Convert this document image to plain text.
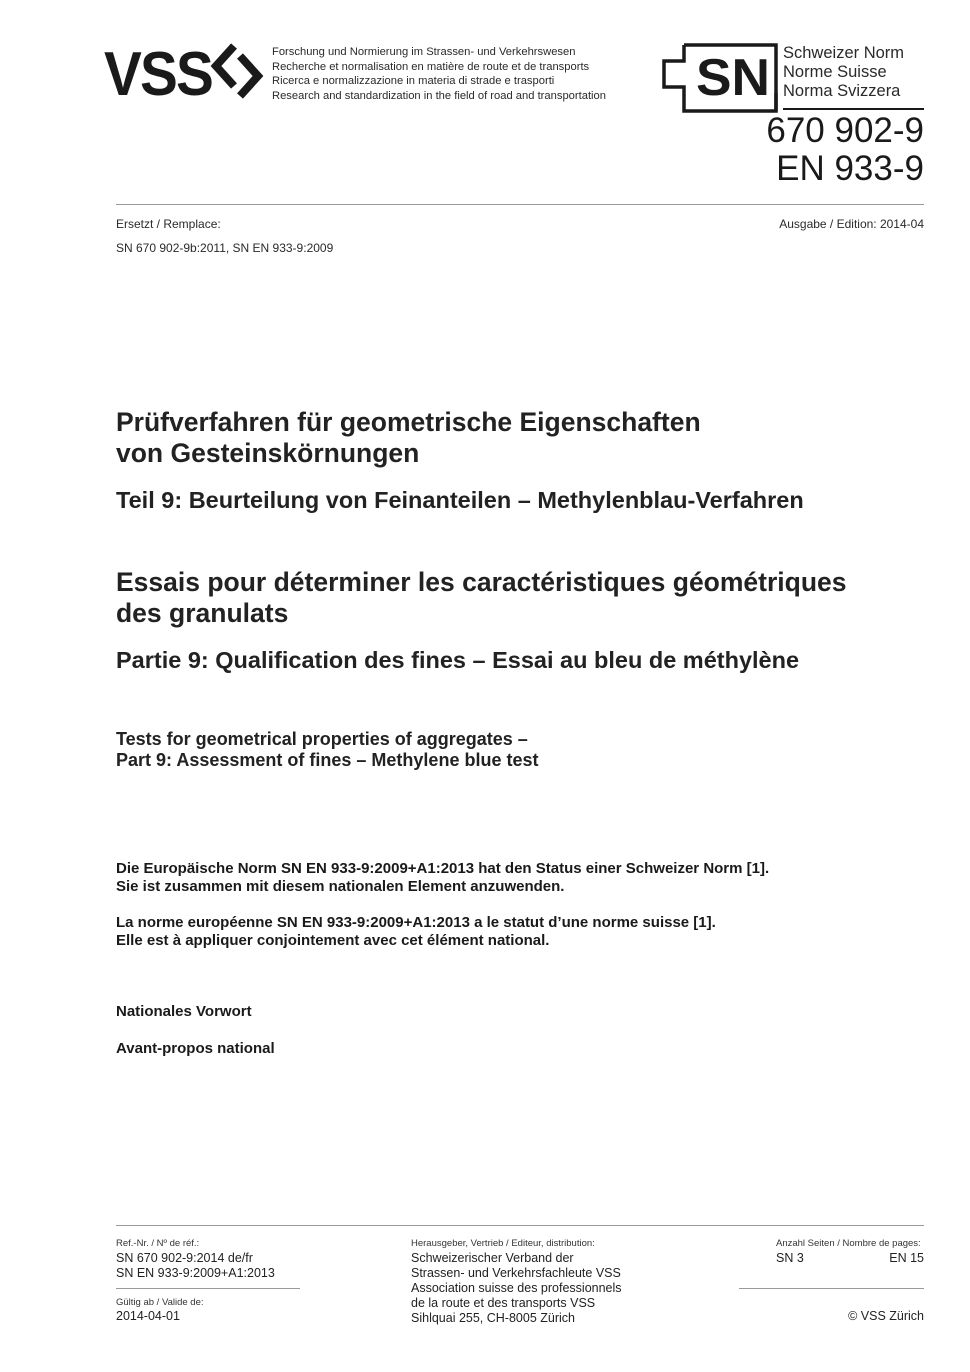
VSS	Forschung und Normierung im Strassen- und Verkehrswesen
Recherche et normalisation en matière de route et de transports
Ricerca e normalizzazione in materia di strade e trasporti
Research and standardization in the field of road and transportation SN Schweizer Norm
Norme Suisse
Norma Svizzera
670 902-9
EN 933-9
Ersetzt / Remplace:	Ausgabe / Edition: 2014-04
SN 670 902-9b:2011, SN EN 933-9:2009
Prüfverfahren für geometrische Eigenschaften
von Gesteinskörnungen
Teil 9: Beurteilung von Feinanteilen – Methylenblau-Verfahren
Essais pour déterminer les caractéristiques géométriques
des granulats
Partie 9: Qualification des fines – Essai au bleu de méthylène
Tests for geometrical properties of aggregates –
Part 9: Assessment of fines – Methylene blue test
Die Europäische Norm SN EN 933-9:2009+A1:2013 hat den Status einer Schweizer Norm [1].
Sie ist zusammen mit diesem nationalen Element anzuwenden.
La norme européenne SN EN 933-9:2009+A1:2013 a le statut d’une norme suisse [1].
Elle est à appliquer conjointement avec cet élément national.
Nationales Vorwort
Avant-propos national
Ref.-Nr. / Nº de réf.:
SN 670 902-9:2014 de/fr
SN EN 933-9:2009+A1:2013
Gültig ab / Valide de:
2014-04-01
Herausgeber, Vertrieb / Editeur, distribution:
Schweizerischer Verband der
Strassen- und Verkehrsfachleute VSS
Association suisse des professionnels
de la route et des transports VSS
Sihlquai 255, CH-8005 Zürich
Anzahl Seiten / Nombre de pages:
SN 3	EN 15
© VSS Zürich
